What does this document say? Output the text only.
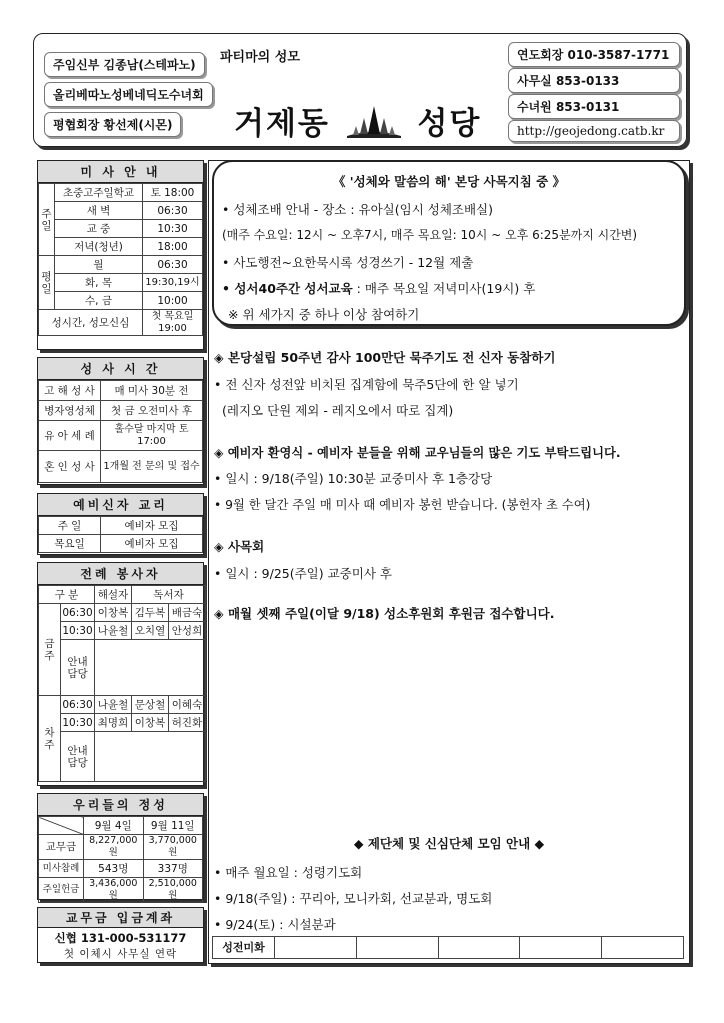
주임신부 김종남(스테파노)
올리베따노성베네딕도수녀회
평협회장 황선제(시몬)
파티마의 성모
거제동	성당
연도회장 010-3587-1771
사무실 853-0133
수녀원 853-0131
http://geojedong.catb.kr
미 사 안 내
주 일	초중고주일학교	토 18:00
	새 벽	06:30
	교 중	10:30
	저녁(청년)	18:00
평 일	월	06:30
	화, 목	19:30,19시
	수, 금	10:00
성시간, 성모신심		첫 목요일 19:00
성 사 시 간
고 해 성 사	매 미사 30분 전
병자영성체	첫 금 오전미사 후
유 아 세 례	홀수달 마지막 토 17:00
혼 인 성 사	1개월 전 문의 및 접수
예비신자 교리
주 일	예비자 모집
목요일	예비자 모집
전례 봉사자
구 분		해설자	독서자	
금 주	06:30	이창복	김두복	배금숙
	10:30	나윤철	오치열	안성희
	안내 담당			
차 주	06:30	나윤철	문상철	이혜숙
	10:30	최명희	이창복	허진화
	안내 담당			
우리들의 정성
	9월 4일	9월 11일
교무금	8,227,000원	3,770,000원
미사참례	543명	337명
주일헌금	3,436,000원	2,510,000원
교무금 입금계좌
신협 131-000-531177
첫 이체시 사무실 연락
《 '성체와 말씀의 해' 본당 사목지침 중 》
• 성체조배 안내 - 장소 : 유아실(임시 성체조배실)
(매주 수요일: 12시 ~ 오후7시, 매주 목요일: 10시 ~ 오후 6:25분까지 시간변)
• 사도행전~요한묵시록 성경쓰기 - 12월 제출
• 성서40주간 성서교육 : 매주 목요일 저녁미사(19시) 후
※ 위 세가지 중 하나 이상 참여하기
◈ 본당설립 50주년 감사 100만단 묵주기도 전 신자 동참하기
• 전 신자 성전앞 비치된 집계함에 묵주5단에 한 알 넣기
(레지오 단원 제외 - 레지오에서 따로 집계)
◈ 예비자 환영식 - 예비자 분들을 위해 교우님들의 많은 기도 부탁드립니다.
• 일시 : 9/18(주일) 10:30분 교중미사 후 1층강당
• 9월 한 달간 주일 매 미사 때 예비자 봉헌 받습니다. (봉헌자 초 수여)
◈ 사목회
• 일시 : 9/25(주일) 교중미사 후
◈ 매월 셋째 주일(이달 9/18) 성소후원회 후원금 접수합니다.
◆ 제단체 및 신심단체 모임 안내 ◆
• 매주 월요일 : 성령기도회
• 9/18(주일) : 꾸리아, 모니카회, 선교분과, 명도회
• 9/24(토) : 시설분과
성전미화					
